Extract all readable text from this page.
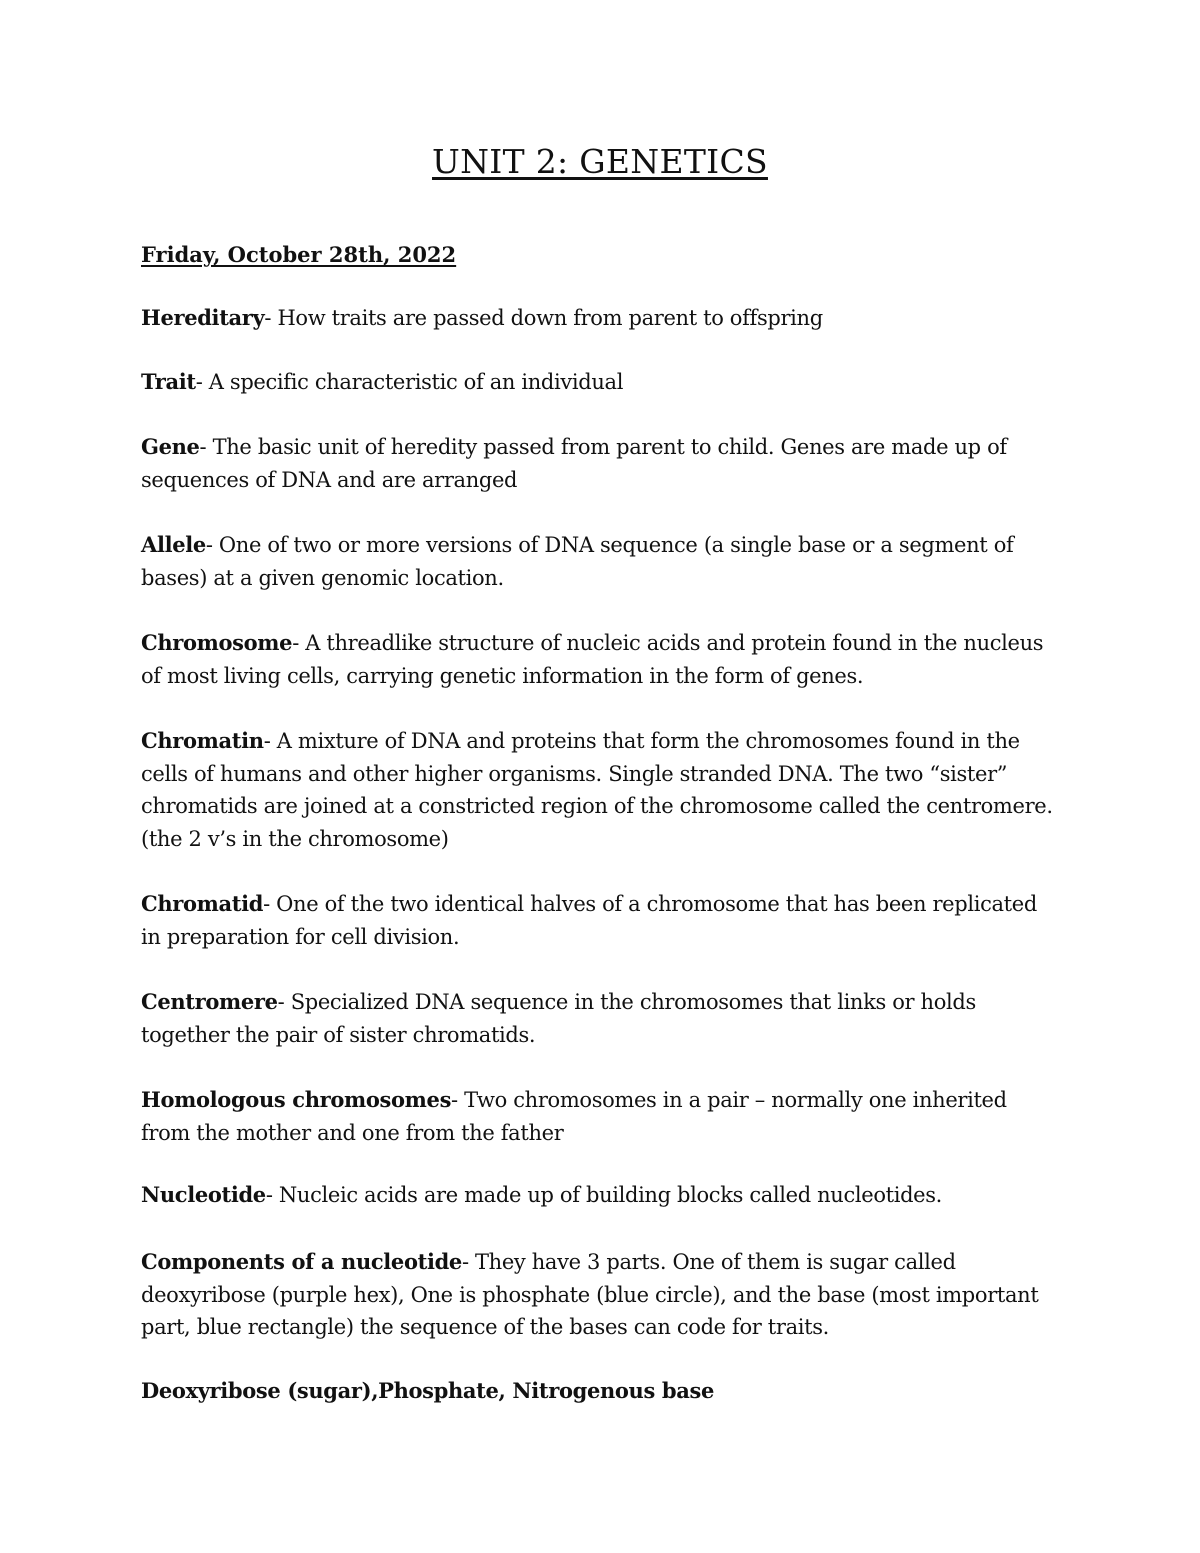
UNIT 2: GENETICS
Friday, October 28th, 2022

Hereditary- How traits are passed down from parent to offspring

Trait- A specific characteristic of an individual

Gene- The basic unit of heredity passed from parent to child. Genes are made up of sequences of DNA and are arranged

Allele- One of two or more versions of DNA sequence (a single base or a segment of bases) at a given genomic location.

Chromosome- A threadlike structure of nucleic acids and protein found in the nucleus of most living cells, carrying genetic information in the form of genes.

Chromatin- A mixture of DNA and proteins that form the chromosomes found in the cells of humans and other higher organisms. Single stranded DNA. The two “sister” chromatids are joined at a constricted region of the chromosome called the centromere. (the 2 v’s in the chromosome)

Chromatid- One of the two identical halves of a chromosome that has been replicated in preparation for cell division.

Centromere- Specialized DNA sequence in the chromosomes that links or holds together the pair of sister chromatids.

Homologous chromosomes- Two chromosomes in a pair – normally one inherited from the mother and one from the father

Nucleotide- Nucleic acids are made up of building blocks called nucleotides.

Components of a nucleotide- They have 3 parts. One of them is sugar called deoxyribose (purple hex), One is phosphate (blue circle), and the base (most important part, blue rectangle) the sequence of the bases can code for traits.

Deoxyribose (sugar),Phosphate, Nitrogenous base
